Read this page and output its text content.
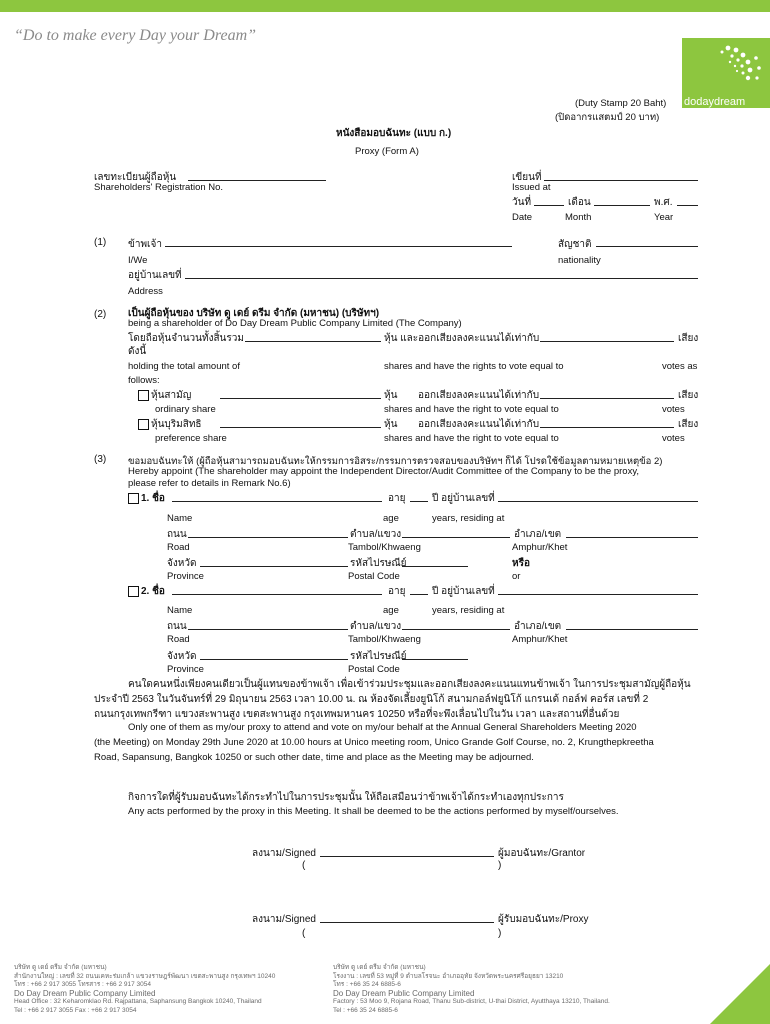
“Do to make every Day your Dream”
dodaydream
(Duty Stamp 20 Baht)
(ปิดอากรแสตมป์ 20 บาท)
หนังสือมอบฉันทะ (แบบ ก.)
Proxy (Form A)
เลขทะเบียนผู้ถือหุ้น
Shareholders' Registration No.
เขียนที่
Issued at
วันที่	เดือน	พ.ศ.
Date	Month	Year
(1) ข้าพเจ้า	สัญชาติ
I/We	nationality
อยู่บ้านเลขที่
Address
(2) เป็นผู้ถือหุ้นของ บริษัท ดู เดย์ ดรีม จำกัด (มหาชน) (บริษัทฯ)
being a shareholder of Do Day Dream Public Company Limited (The Company)
โดยถือหุ้นจำนวนทั้งสิ้นรวม	หุ้น และออกเสียงลงคะแนนได้เท่ากับ	เสียง
ดังนี้
holding the total amount of	shares and have the rights to vote equal to	votes as
follows:
หุ้นสามัญ	หุ้น ออกเสียงลงคะแนนได้เท่ากับ	เสียง
ordinary share	shares and have the right to vote equal to	votes
หุ้นบุริมสิทธิ	หุ้น ออกเสียงลงคะแนนได้เท่ากับ	เสียง
preference share	shares and have the right to vote equal to	votes
(3) ขอมอบฉันทะให้ (ผู้ถือหุ้นสามารถมอบฉันทะให้กรรมการอิสระ/กรรมการตรวจสอบของบริษัทฯ ก็ได้ โปรดใช้ข้อมูลตามหมายเหตุข้อ 2)
Hereby appoint (The shareholder may appoint the Independent Director/Audit Committee of the Company to be the proxy,
please refer to details in Remark No.6)
1. ชื่อ	อายุ	ปี อยู่บ้านเลขที่
Name	age	years, residing at
ถนน	ตำบล/แขวง	อำเภอ/เขต
Road	Tambol/Khwaeng	Amphur/Khet
จังหวัด	รหัสไปรษณีย์	หรือ
Province	Postal Code	or
2. ชื่อ	อายุ	ปี อยู่บ้านเลขที่
Name	age	years, residing at
ถนน	ตำบล/แขวง	อำเภอ/เขต
Road	Tambol/Khwaeng	Amphur/Khet
จังหวัด	รหัสไปรษณีย์
Province	Postal Code
คนใดคนหนึ่งเพียงคนเดียวเป็นผู้แทนของข้าพเจ้า เพื่อเข้าร่วมประชุมและออกเสียงลงคะแนนแทนข้าพเจ้า ในการประชุมสามัญผู้ถือหุ้น
ประจำปี 2563 ในวันจันทร์ที่ 29 มิถุนายน 2563 เวลา 10.00 น. ณ ห้องจัดเลี้ยงยูนิโก้ สนามกอล์ฟยูนิโก้ แกรนเด้ กอล์ฟ คอร์ส เลขที่ 2
ถนนกรุงเทพกรีฑา แขวงสะพานสูง เขตสะพานสูง กรุงเทพมหานคร 10250 หรือที่จะพึงเลื่อนไปในวัน เวลา และสถานที่อื่นด้วย
Only one of them as my/our proxy to attend and vote on my/our behalf at the Annual General Shareholders Meeting 2020
(the Meeting) on Monday 29th June 2020 at 10.00 hours at Unico meeting room, Unico Grande Golf Course, no. 2, Krungthepkreetha
Road, Sapansung, Bangkok 10250 or such other date, time and place as the Meeting may be adjourned.
กิจการใดที่ผู้รับมอบฉันทะได้กระทำไปในการประชุมนั้น ให้ถือเสมือนว่าข้าพเจ้าได้กระทำเองทุกประการ
Any acts performed by the proxy in this Meeting. It shall be deemed to be the actions performed by myself/ourselves.
ลงนาม/Signed	ผู้มอบฉันทะ/Grantor
(	)
ลงนาม/Signed	ผู้รับมอบฉันทะ/Proxy
(	)
บริษัท ดู เดย์ ดรีม จำกัด (มหาชน)
สำนักงานใหญ่ : เลขที่ 32 ถนนเคหะร่มเกล้า แขวงราษฎร์พัฒนา เขตสะพานสูง กรุงเทพฯ 10240
โทร : +66 2 917 3055 โทรสาร : +66 2 917 3054
Do Day Dream Public Company Limited
Head Office : 32 Keharomklao Rd. Rajpattana, Saphansung Bangkok 10240, Thailand
Tel : +66 2 917 3055 Fax : +66 2 917 3054
บริษัท ดู เดย์ ดรีม จำกัด (มหาชน)
โรงงาน : เลขที่ 53 หมู่ที่ 9 ตำบลโรจนะ อำเภออุทัย จังหวัดพระนครศรีอยุธยา 13210
โทร : +66 35 24 6885-6
Do Day Dream Public Company Limited
Factory : 53 Moo 9, Rojana Road, Thanu Sub-district, U-thai District, Ayutthaya 13210, Thailand.
Tel : +66 35 24 6885-6
